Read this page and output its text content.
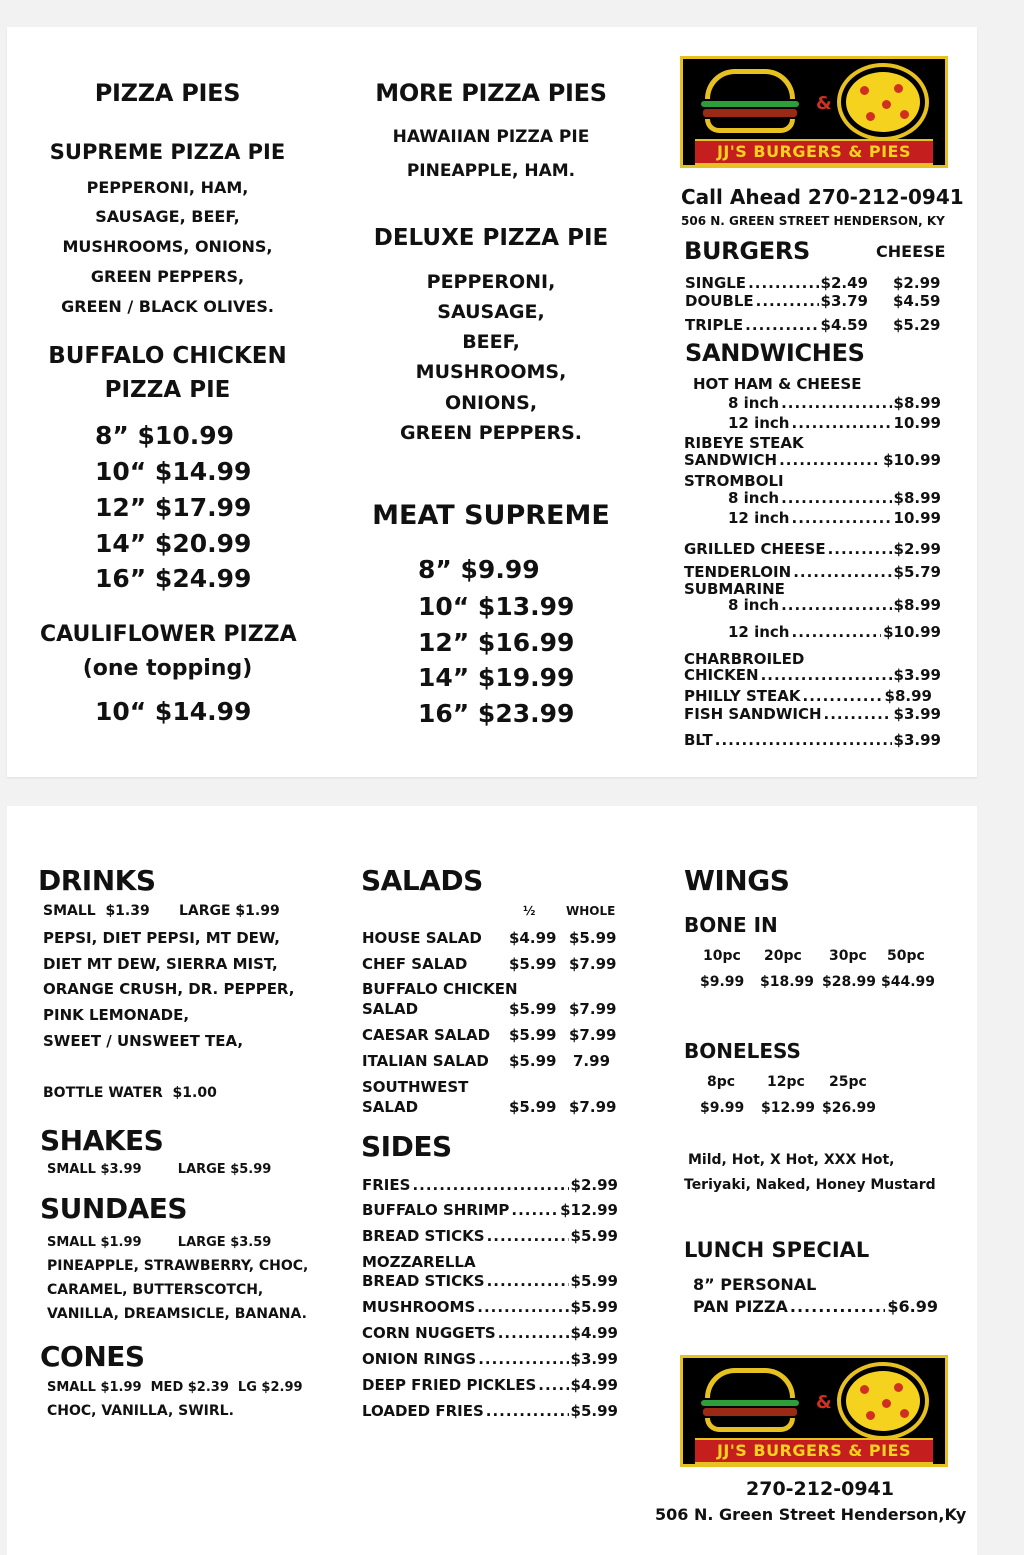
PIZZA PIES
SUPREME PIZZA PIE
PEPPERONI, HAM,
SAUSAGE, BEEF,
MUSHROOMS, ONIONS,
GREEN PEPPERS,
GREEN / BLACK OLIVES.
BUFFALO CHICKEN
PIZZA PIE
8” $10.99
10“ $14.99
12” $17.99
14” $20.99
16” $24.99
CAULIFLOWER PIZZA
(one topping)
10“ $14.99
MORE PIZZA PIES
HAWAIIAN PIZZA PIE
PINEAPPLE, HAM.
DELUXE PIZZA PIE
PEPPERONI,
SAUSAGE,
BEEF,
MUSHROOMS,
ONIONS,
GREEN PEPPERS.
MEAT SUPREME
8” $9.99
10“ $13.99
12” $16.99
14” $19.99
16” $23.99
&
JJ'S BURGERS & PIES
Call Ahead 270-212-0941
506 N. GREEN STREET HENDERSON, KY
BURGERS	CHEESE
SINGLE .....	$2.49 $2.99
DOUBLE .....	$3.79 $4.59
TRIPLE .....	$4.59 $5.29
SANDWICHES
HOT HAM & CHEESE
8 inch .....	$8.99
12 inch .....	10.99
RIBEYE STEAK
SANDWICH .....	$10.99
STROMBOLI
8 inch .....	$8.99
12 inch .....	10.99
GRILLED CHEESE .....	$2.99
TENDERLOIN .....	$5.79
SUBMARINE
8 inch .....	$8.99
12 inch .....	$10.99
CHARBROILED
CHICKEN .....	$3.99
PHILLY STEAK .....	$8.99
FISH SANDWICH .....	$3.99
BLT .....	$3.99
DRINKS
SMALL  $1.39      LARGE $1.99
PEPSI, DIET PEPSI, MT DEW,
DIET MT DEW, SIERRA MIST,
ORANGE CRUSH, DR. PEPPER,
PINK LEMONADE,
SWEET / UNSWEET TEA,
BOTTLE WATER  $1.00
SHAKES
SMALL $3.99        LARGE $5.99
SUNDAES
SMALL $1.99        LARGE $3.59
PINEAPPLE, STRAWBERRY, CHOC,
CARAMEL, BUTTERSCOTCH,
VANILLA, DREAMSICLE, BANANA.
CONES
SMALL $1.99  MED $2.39  LG $2.99
CHOC, VANILLA, SWIRL.
SALADS
½	WHOLE
HOUSE SALAD $4.99 $5.99
CHEF SALAD	$5.99 $7.99
BUFFALO CHICKEN
SALAD	$5.99 $7.99
CAESAR SALAD $5.99 $7.99
ITALIAN SALAD $5.99 7.99
SOUTHWEST
SALAD	$5.99 $7.99
SIDES
FRIES .....	$2.99
BUFFALO SHRIMP .....	$12.99
BREAD STICKS .....	$5.99
MOZZARELLA
BREAD STICKS .....	$5.99
MUSHROOMS .....	$5.99
CORN NUGGETS .....	$4.99
ONION RINGS .....	$3.99
DEEP FRIED PICKLES ..... $4.99
LOADED FRIES .....	$5.99
WINGS
BONE IN
10pc 20pc 30pc 50pc
$9.99 $18.99 $28.99 $44.99
BONELESS
8pc 12pc 25pc
$9.99 $12.99 $26.99
Mild, Hot, X Hot, XXX Hot,
Teriyaki, Naked, Honey Mustard
LUNCH SPECIAL
8” PERSONAL
PAN PIZZA .....	$6.99
&
JJ'S BURGERS & PIES
270-212-0941
506 N. Green Street Henderson,Ky
